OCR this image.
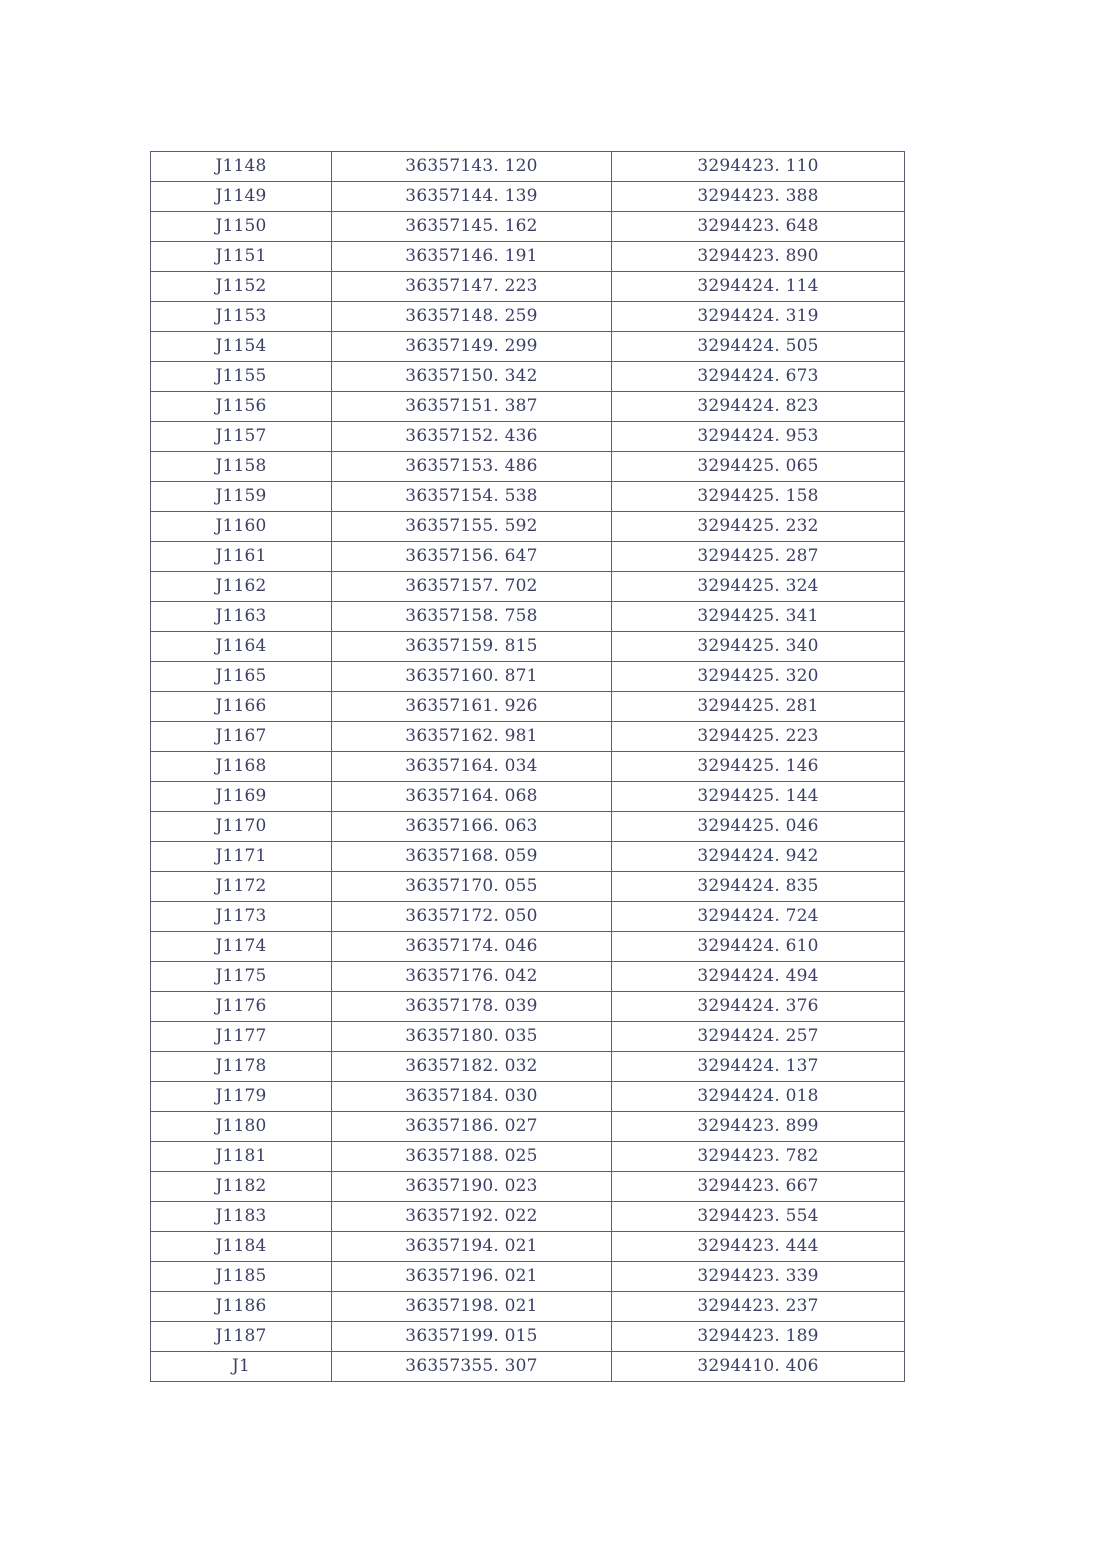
J1148	36357143. 120	3294423. 110
J1149	36357144. 139	3294423. 388
J1150	36357145. 162	3294423. 648
J1151	36357146. 191	3294423. 890
J1152	36357147. 223	3294424. 114
J1153	36357148. 259	3294424. 319
J1154	36357149. 299	3294424. 505
J1155	36357150. 342	3294424. 673
J1156	36357151. 387	3294424. 823
J1157	36357152. 436	3294424. 953
J1158	36357153. 486	3294425. 065
J1159	36357154. 538	3294425. 158
J1160	36357155. 592	3294425. 232
J1161	36357156. 647	3294425. 287
J1162	36357157. 702	3294425. 324
J1163	36357158. 758	3294425. 341
J1164	36357159. 815	3294425. 340
J1165	36357160. 871	3294425. 320
J1166	36357161. 926	3294425. 281
J1167	36357162. 981	3294425. 223
J1168	36357164. 034	3294425. 146
J1169	36357164. 068	3294425. 144
J1170	36357166. 063	3294425. 046
J1171	36357168. 059	3294424. 942
J1172	36357170. 055	3294424. 835
J1173	36357172. 050	3294424. 724
J1174	36357174. 046	3294424. 610
J1175	36357176. 042	3294424. 494
J1176	36357178. 039	3294424. 376
J1177	36357180. 035	3294424. 257
J1178	36357182. 032	3294424. 137
J1179	36357184. 030	3294424. 018
J1180	36357186. 027	3294423. 899
J1181	36357188. 025	3294423. 782
J1182	36357190. 023	3294423. 667
J1183	36357192. 022	3294423. 554
J1184	36357194. 021	3294423. 444
J1185	36357196. 021	3294423. 339
J1186	36357198. 021	3294423. 237
J1187	36357199. 015	3294423. 189
J1	36357355. 307	3294410. 406
